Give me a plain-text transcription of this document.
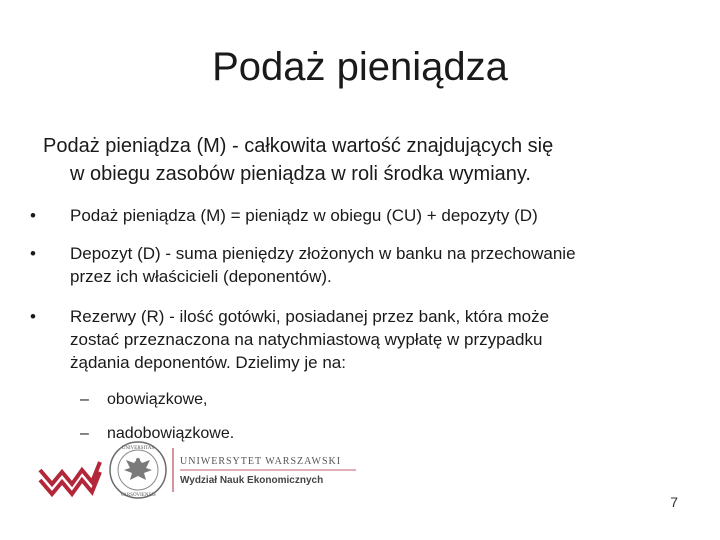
Podaż pieniądza
Podaż pieniądza (M) - całkowita wartość znajdujących się
w obiegu zasobów pieniądza w roli środka wymiany.
• Podaż pieniądza (M) = pieniądz w obiegu (CU) + depozyty (D)
• Depozyt (D) - suma pieniędzy złożonych w banku na przechowanie
przez ich właścicieli (deponentów).
• Rezerwy (R) - ilość gotówki, posiadanej przez bank, która może
zostać przeznaczona na natychmiastową wypłatę w przypadku
żądania deponentów. Dzielimy je na:
– obowiązkowe,
– nadobowiązkowe.
UNIVERSITAS
VARSOVIENSIS
UNIWERSYTET WARSZAWSKI
Wydział Nauk Ekonomicznych
7
